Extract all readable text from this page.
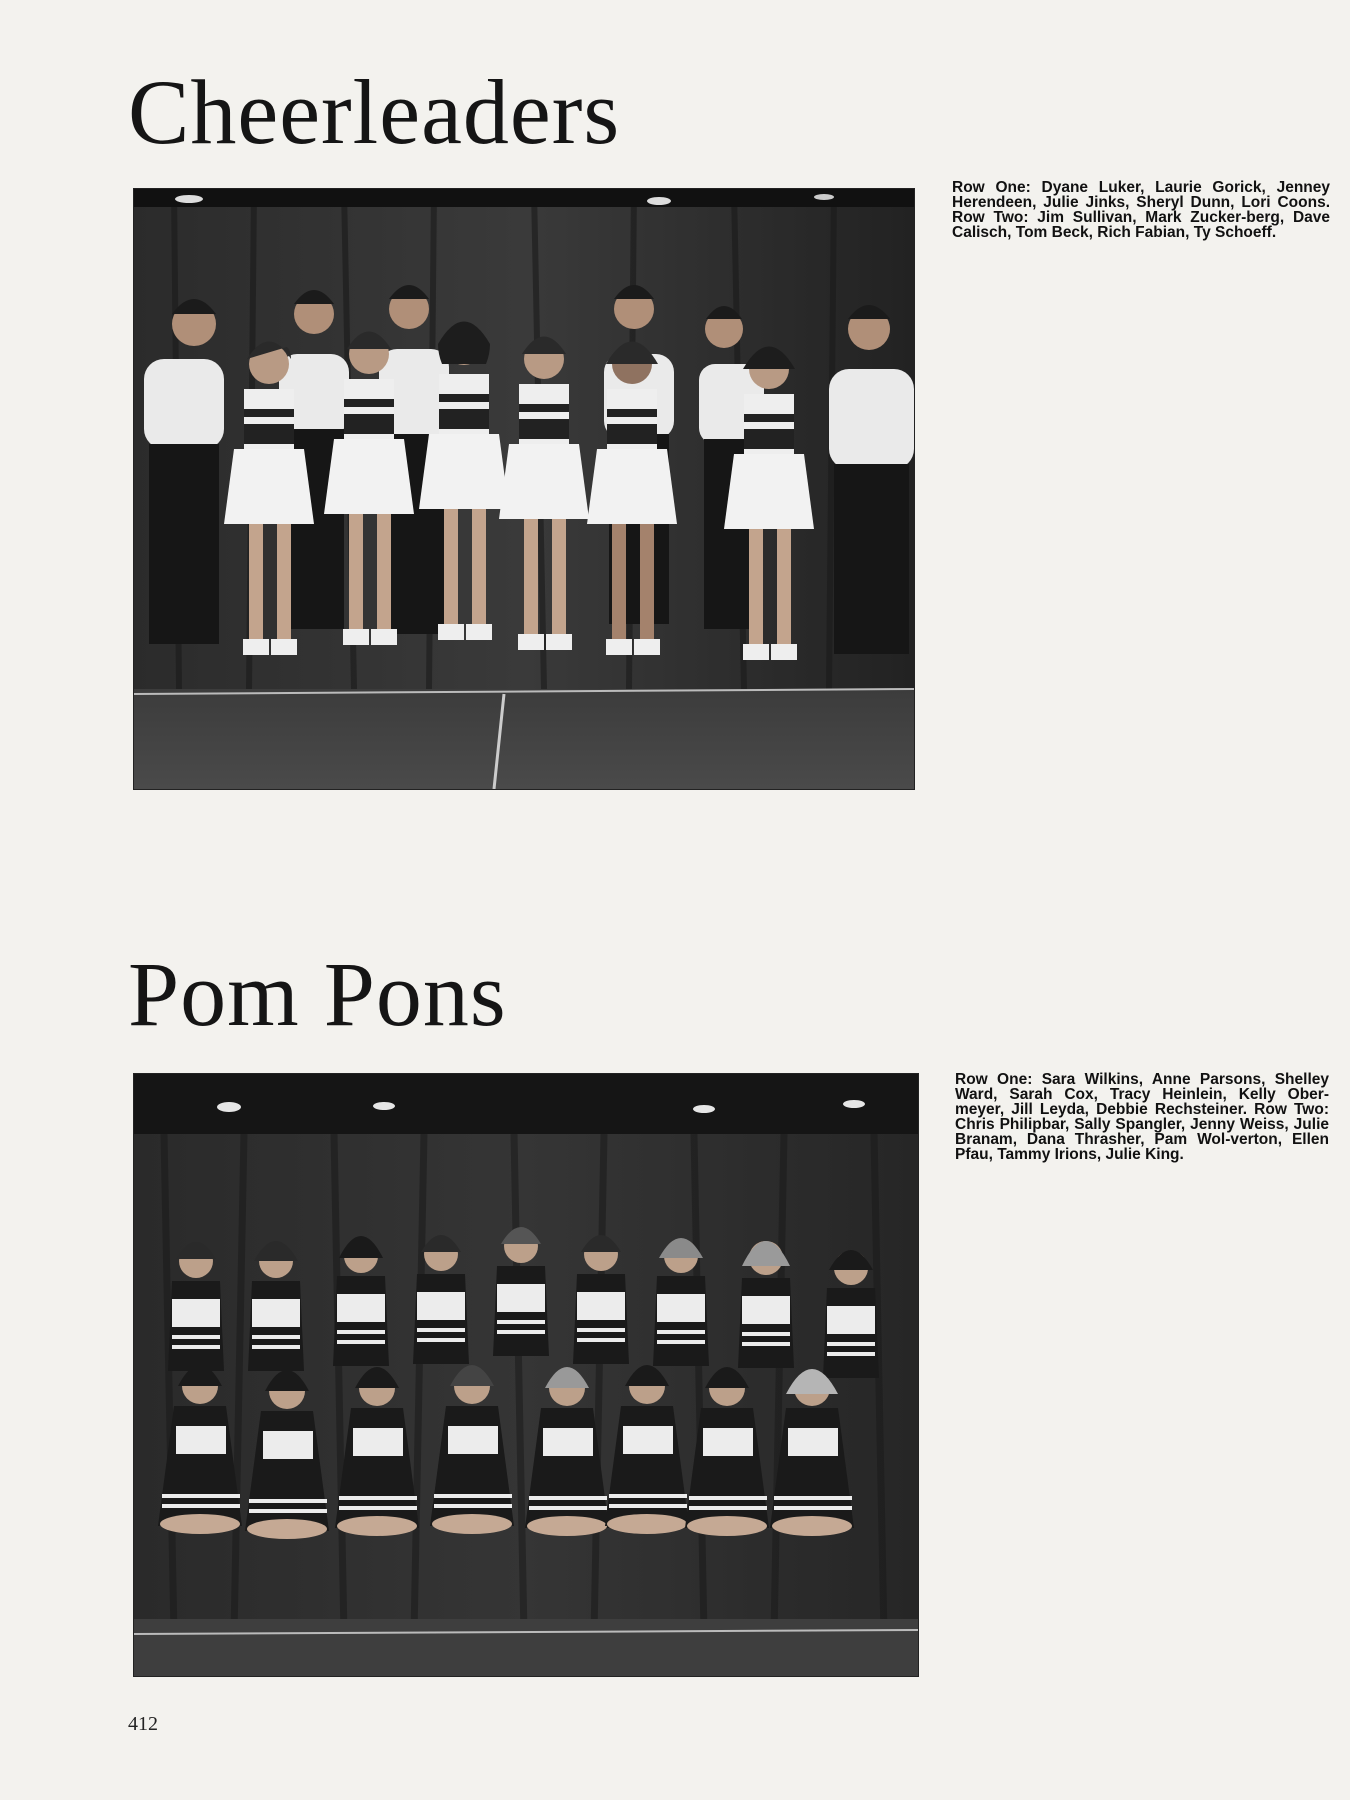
Cheerleaders

Row One: Dyane Luker, Laurie Gorick, Jenney Herendeen, Julie Jinks, Sheryl Dunn, Lori Coons. Row Two: Jim Sullivan, Mark Zucker-berg, Dave Calisch, Tom Beck, Rich Fabian, Ty Schoeff.

Pom Pons

Row One: Sara Wilkins, Anne Parsons, Shelley Ward, Sarah Cox, Tracy Heinlein, Kelly Ober-meyer, Jill Leyda, Debbie Rechsteiner. Row Two: Chris Philipbar, Sally Spangler, Jenny Weiss, Julie Branam, Dana Thrasher, Pam Wol-verton, Ellen Pfau, Tammy Irions, Julie King.

412
